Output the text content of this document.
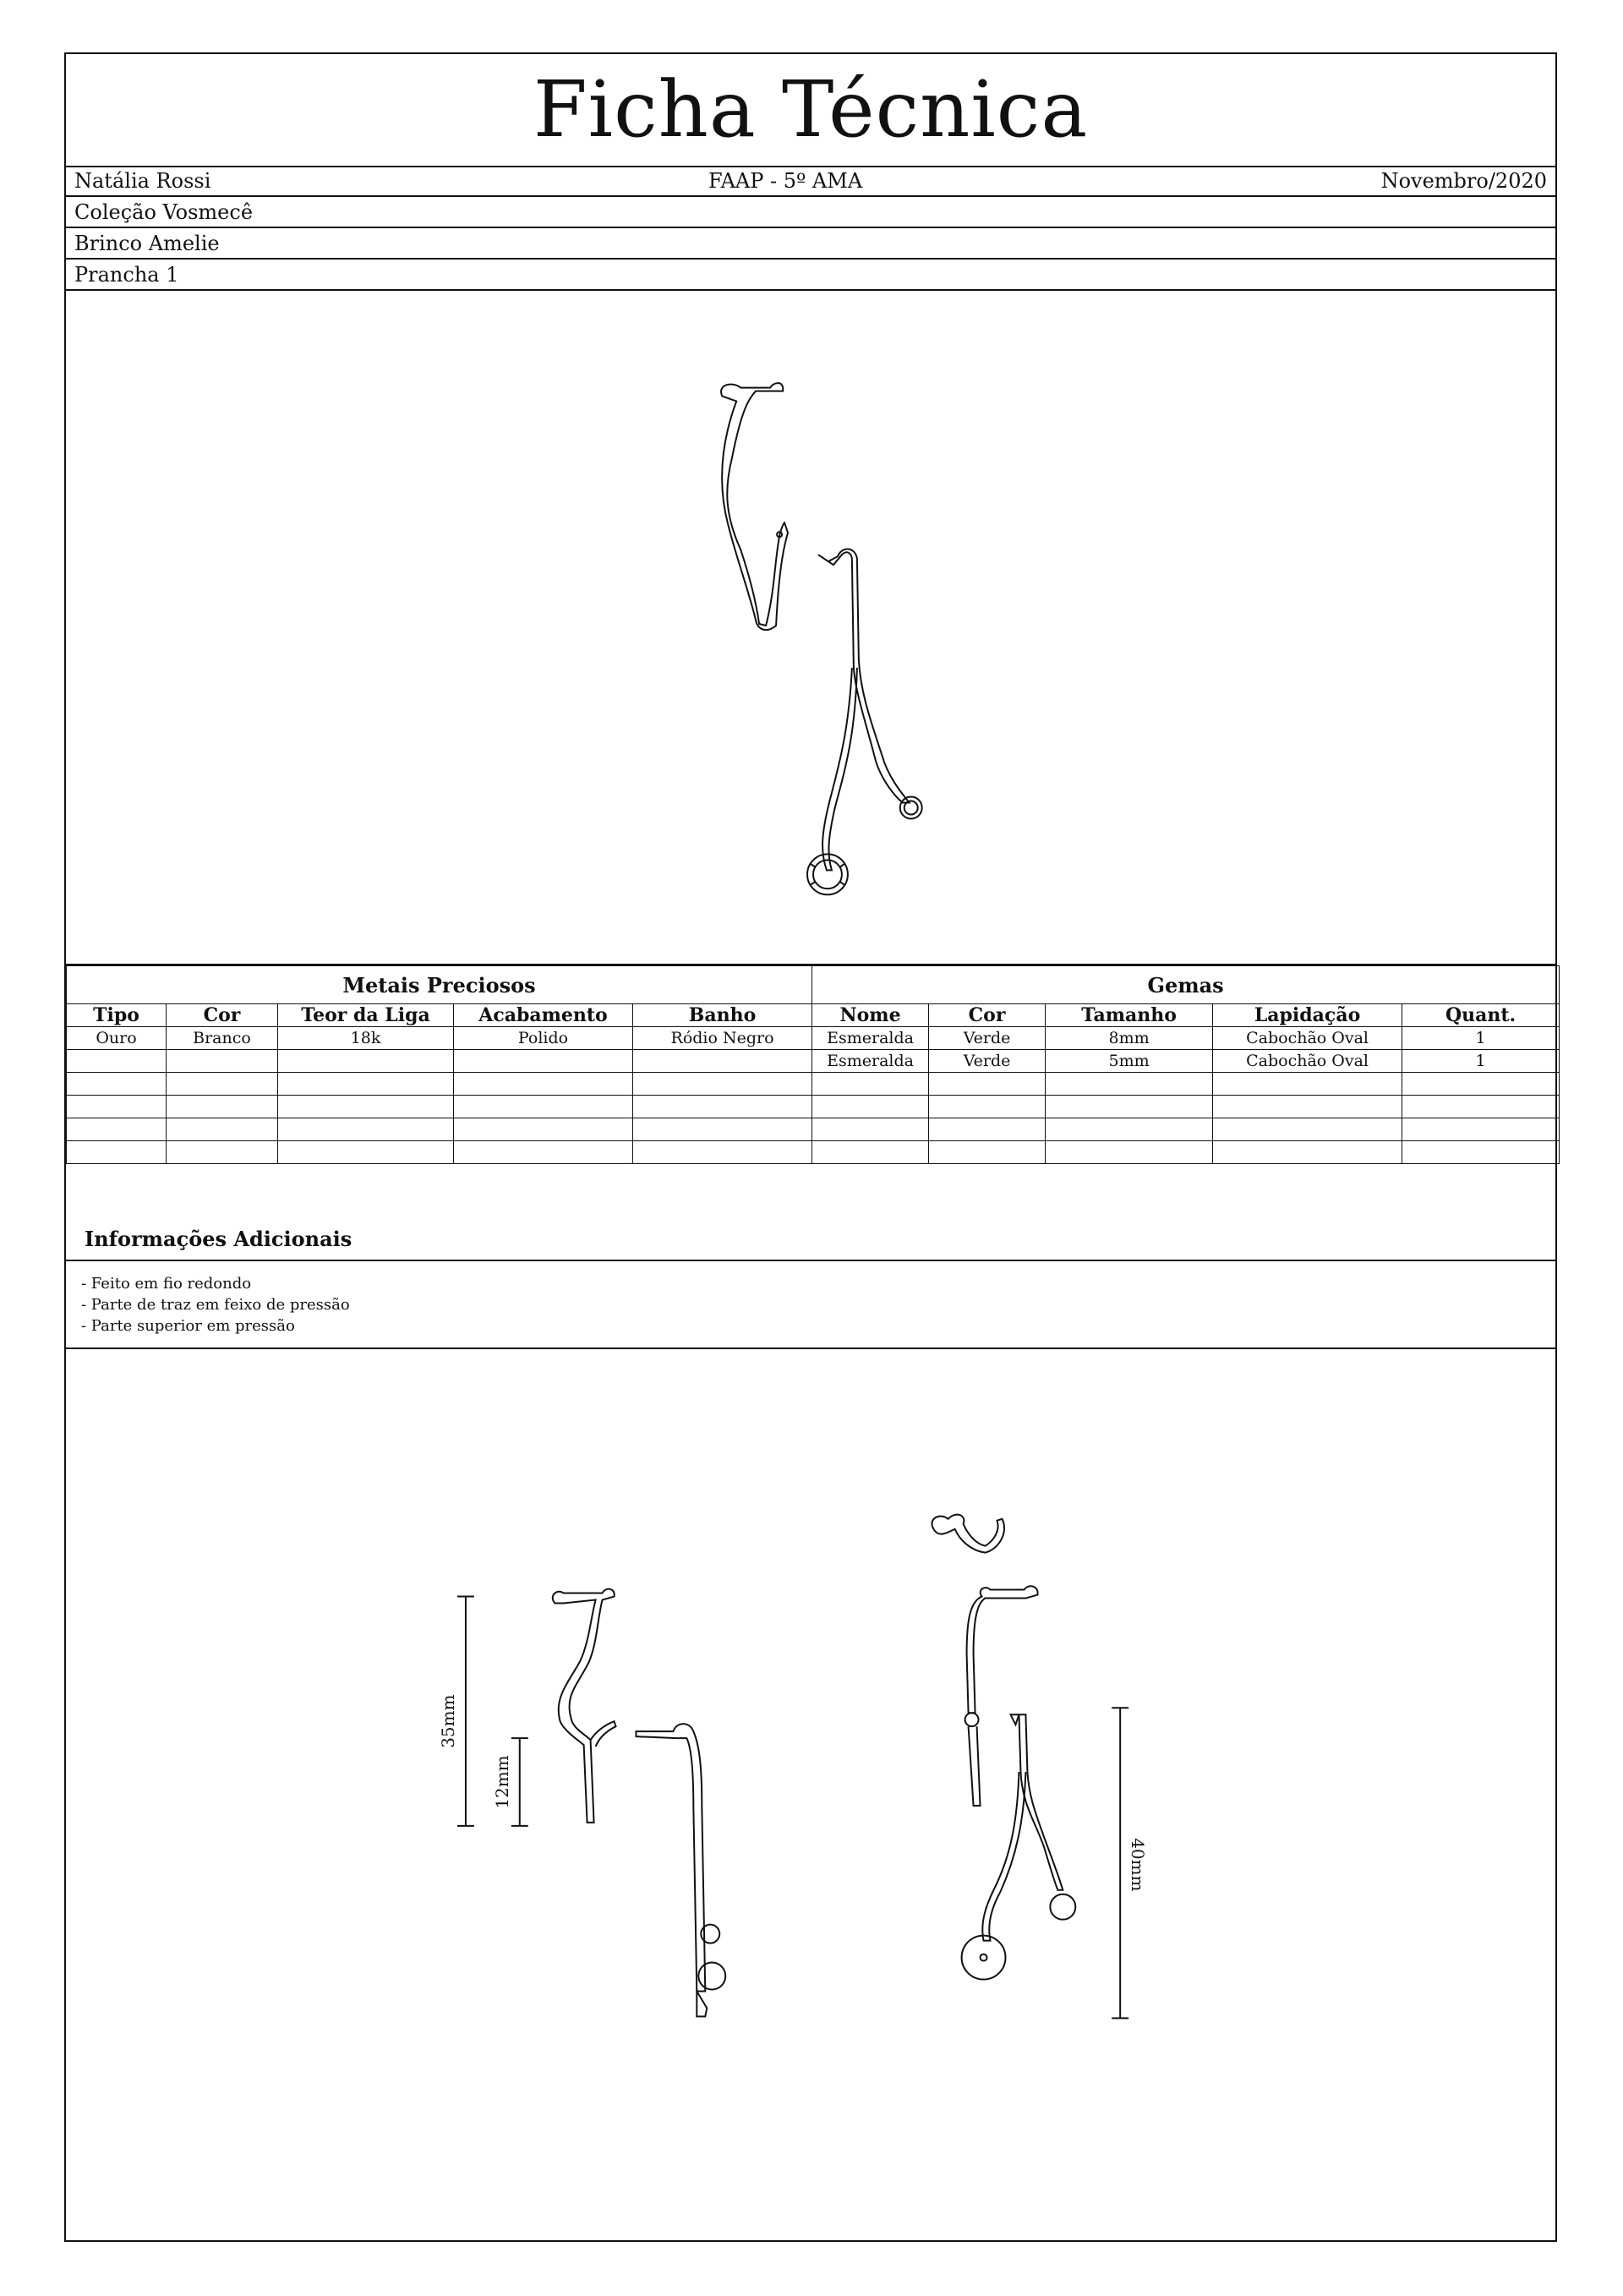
Ficha Técnica
Natália Rossi	FAAP - 5º AMA	Novembro/2020
Coleção Vosmecê
Brinco Amelie
Prancha 1
Metais Preciosos					Gemas				
Tipo	Cor	Teor da Liga	Acabamento	Banho	Nome	Cor	Tamanho	Lapidação	Quant.
Ouro	Branco	18k	Polido	Ródio Negro	Esmeralda	Verde	8mm	Cabochão Oval	1
					Esmeralda	Verde	5mm	Cabochão Oval	1

Informações Adicionais
- Feito em fio redondo
- Parte de traz em feixo de pressão
- Parte superior em pressão
35mm
12mm
40mm
